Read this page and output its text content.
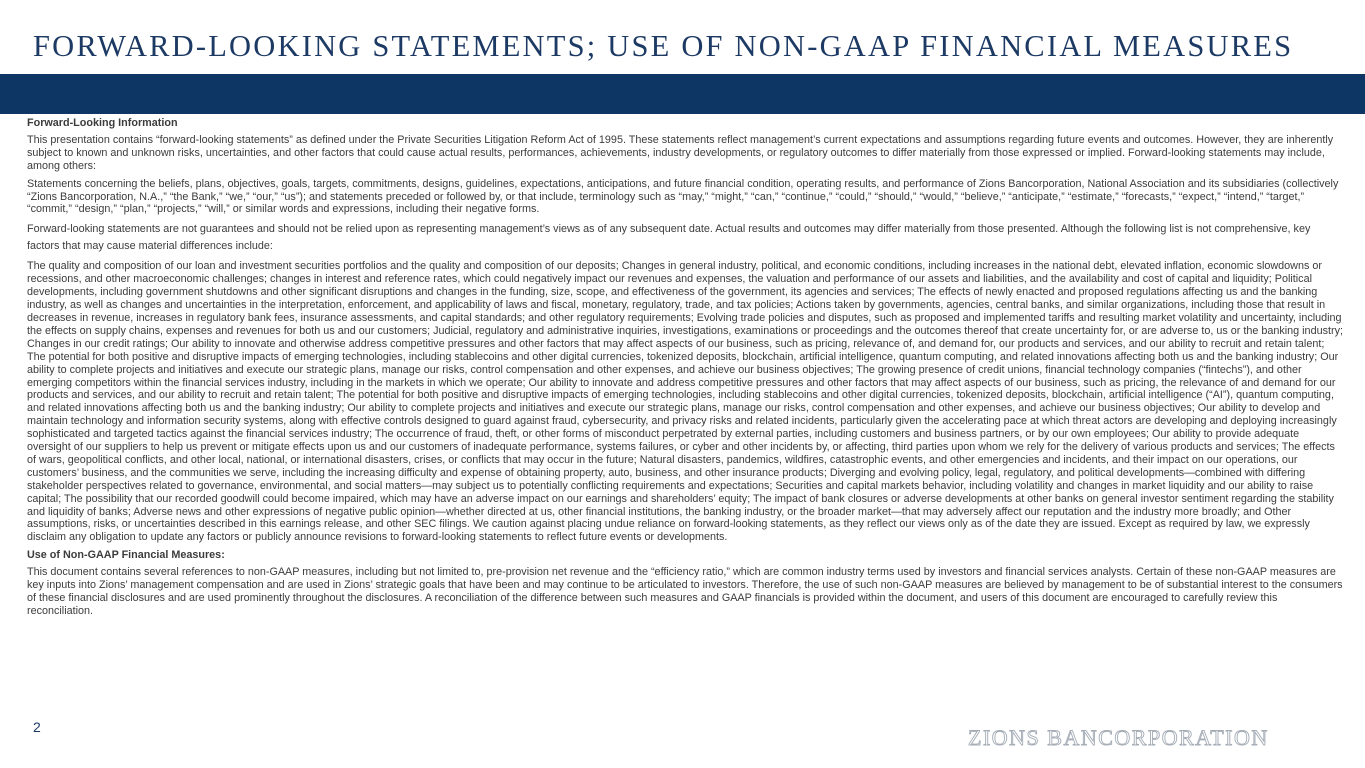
FORWARD-LOOKING STATEMENTS; USE OF NON-GAAP FINANCIAL MEASURES

Forward-Looking Information

This presentation contains “forward-looking statements” as defined under the Private Securities Litigation Reform Act of 1995. These statements reflect management’s current expectations and assumptions regarding future events and outcomes. However, they are inherently subject to known and unknown risks, uncertainties, and other factors that could cause actual results, performances, achievements, industry developments, or regulatory outcomes to differ materially from those expressed or implied. Forward-looking statements may include, among others:

Statements concerning the beliefs, plans, objectives, goals, targets, commitments, designs, guidelines, expectations, anticipations, and future financial condition, operating results, and performance of Zions Bancorporation, National Association and its subsidiaries (collectively “Zions Bancorporation, N.A.,” “the Bank,” “we,” “our,” “us”); and statements preceded or followed by, or that include, terminology such as “may,” “might,” “can,” “continue,” “could,” “should,” “would,” “believe,” “anticipate,” “estimate,” “forecasts,” “expect,” “intend,” “target,” “commit,” “design,” “plan,” “projects,” “will,” or similar words and expressions, including their negative forms.

Forward-looking statements are not guarantees and should not be relied upon as representing management’s views as of any subsequent date. Actual results and outcomes may differ materially from those presented. Although the following list is not comprehensive, key factors that may cause material differences include:

The quality and composition of our loan and investment securities portfolios and the quality and composition of our deposits; Changes in general industry, political, and economic conditions, including increases in the national debt, elevated inflation, economic slowdowns or recessions, and other macroeconomic challenges; changes in interest and reference rates, which could negatively impact our revenues and expenses, the valuation and performance of our assets and liabilities, and the availability and cost of capital and liquidity; Political developments, including government shutdowns and other significant disruptions and changes in the funding, size, scope, and effectiveness of the government, its agencies and services; The effects of newly enacted and proposed regulations affecting us and the banking industry, as well as changes and uncertainties in the interpretation, enforcement, and applicability of laws and fiscal, monetary, regulatory, trade, and tax policies; Actions taken by governments, agencies, central banks, and similar organizations, including those that result in decreases in revenue, increases in regulatory bank fees, insurance assessments, and capital standards; and other regulatory requirements; Evolving trade policies and disputes, such as proposed and implemented tariffs and resulting market volatility and uncertainty, including the effects on supply chains, expenses and revenues for both us and our customers; Judicial, regulatory and administrative inquiries, investigations, examinations or proceedings and the outcomes thereof that create uncertainty for, or are adverse to, us or the banking industry; Changes in our credit ratings; Our ability to innovate and otherwise address competitive pressures and other factors that may affect aspects of our business, such as pricing, relevance of, and demand for, our products and services, and our ability to recruit and retain talent; The potential for both positive and disruptive impacts of emerging technologies, including stablecoins and other digital currencies, tokenized deposits, blockchain, artificial intelligence, quantum computing, and related innovations affecting both us and the banking industry; Our ability to complete projects and initiatives and execute our strategic plans, manage our risks, control compensation and other expenses, and achieve our business objectives; The growing presence of credit unions, financial technology companies (“fintechs”), and other emerging competitors within the financial services industry, including in the markets in which we operate; Our ability to innovate and address competitive pressures and other factors that may affect aspects of our business, such as pricing, the relevance of and demand for our products and services, and our ability to recruit and retain talent; The potential for both positive and disruptive impacts of emerging technologies, including stablecoins and other digital currencies, tokenized deposits, blockchain, artificial intelligence (“AI”), quantum computing, and related innovations affecting both us and the banking industry; Our ability to complete projects and initiatives and execute our strategic plans, manage our risks, control compensation and other expenses, and achieve our business objectives; Our ability to develop and maintain technology and information security systems, along with effective controls designed to guard against fraud, cybersecurity, and privacy risks and related incidents, particularly given the accelerating pace at which threat actors are developing and deploying increasingly sophisticated and targeted tactics against the financial services industry; The occurrence of fraud, theft, or other forms of misconduct perpetrated by external parties, including customers and business partners, or by our own employees; Our ability to provide adequate oversight of our suppliers to help us prevent or mitigate effects upon us and our customers of inadequate performance, systems failures, or cyber and other incidents by, or affecting, third parties upon whom we rely for the delivery of various products and services; The effects of wars, geopolitical conflicts, and other local, national, or international disasters, crises, or conflicts that may occur in the future; Natural disasters, pandemics, wildfires, catastrophic events, and other emergencies and incidents, and their impact on our operations, our customers’ business, and the communities we serve, including the increasing difficulty and expense of obtaining property, auto, business, and other insurance products; Diverging and evolving policy, legal, regulatory, and political developments—combined with differing stakeholder perspectives related to governance, environmental, and social matters—may subject us to potentially conflicting requirements and expectations; Securities and capital markets behavior, including volatility and changes in market liquidity and our ability to raise capital; The possibility that our recorded goodwill could become impaired, which may have an adverse impact on our earnings and shareholders’ equity; The impact of bank closures or adverse developments at other banks on general investor sentiment regarding the stability and liquidity of banks; Adverse news and other expressions of negative public opinion—whether directed at us, other financial institutions, the banking industry, or the broader market—that may adversely affect our reputation and the industry more broadly; and Other assumptions, risks, or uncertainties described in this earnings release, and other SEC filings. We caution against placing undue reliance on forward-looking statements, as they reflect our views only as of the date they are issued. Except as required by law, we expressly disclaim any obligation to update any factors or publicly announce revisions to forward-looking statements to reflect future events or developments.

Use of Non-GAAP Financial Measures:

This document contains several references to non-GAAP measures, including but not limited to, pre-provision net revenue and the “efficiency ratio,” which are common industry terms used by investors and financial services analysts. Certain of these non-GAAP measures are key inputs into Zions’ management compensation and are used in Zions’ strategic goals that have been and may continue to be articulated to investors. Therefore, the use of such non-GAAP measures are believed by management to be of substantial interest to the consumers of these financial disclosures and are used prominently throughout the disclosures. A reconciliation of the difference between such measures and GAAP financials is provided within the document, and users of this document are encouraged to carefully review this reconciliation.

2	ZIONS BANCORPORATION
